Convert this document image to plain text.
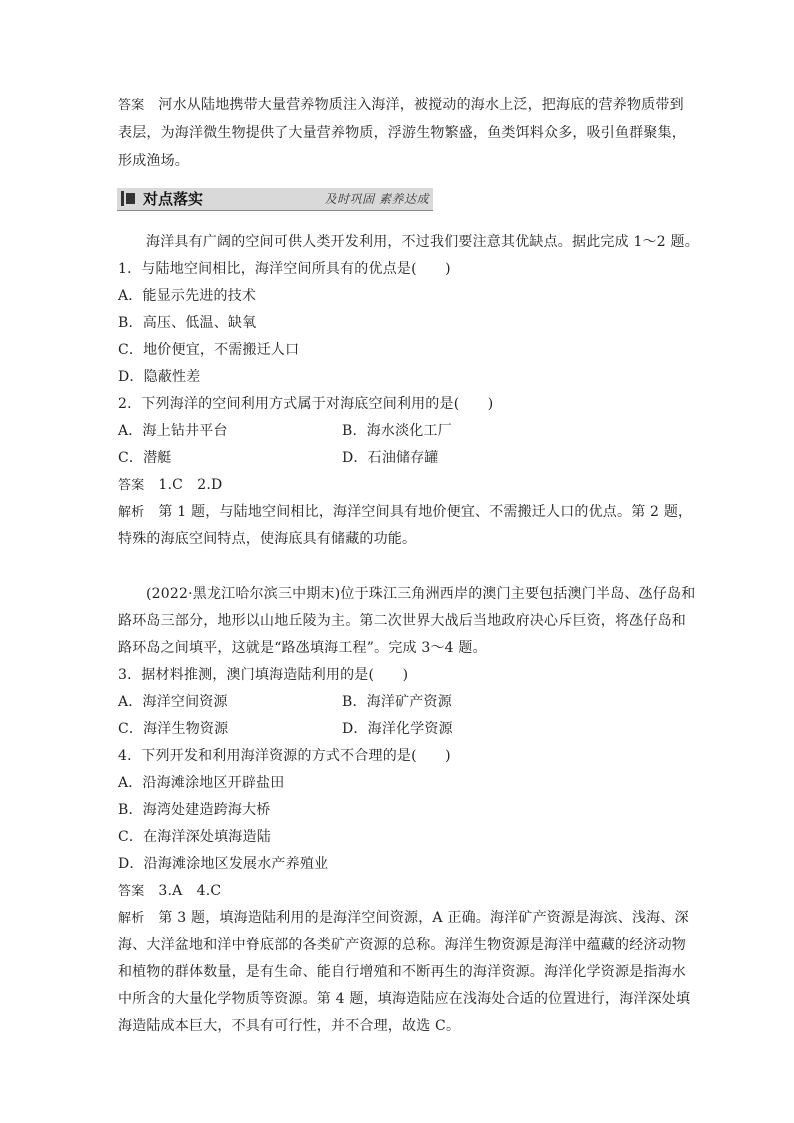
答案 河水从陆地携带大量营养物质注入海洋，被搅动的海水上泛，把海底的营养物质带到
表层，为海洋微生物提供了大量营养物质，浮游生物繁盛，鱼类饵料众多，吸引鱼群聚集，
形成渔场。
对点落实	及时巩固 素养达成
海洋具有广阔的空间可供人类开发利用，不过我们要注意其优缺点。据此完成 1～2 题。
1．与陆地空间相比，海洋空间所具有的优点是(　　)
A．能显示先进的技术
B．高压、低温、缺氧
C．地价便宜，不需搬迁人口
D．隐蔽性差
2．下列海洋的空间利用方式属于对海底空间利用的是(　　)
A．海上钻井平台	B．海水淡化工厂
C．潜艇	D．石油储存罐
答案 1.C　2.D
解析 第 1 题，与陆地空间相比，海洋空间具有地价便宜、不需搬迁人口的优点。第 2 题，
特殊的海底空间特点，使海底具有储藏的功能。
(2022·黑龙江哈尔滨三中期末)位于珠江三角洲西岸的澳门主要包括澳门半岛、氹仔岛和
路环岛三部分，地形以山地丘陵为主。第二次世界大战后当地政府决心斥巨资，将氹仔岛和
路环岛之间填平，这就是“路氹填海工程”。完成 3～4 题。
3．据材料推测，澳门填海造陆利用的是(　　)
A．海洋空间资源	B．海洋矿产资源
C．海洋生物资源	D．海洋化学资源
4．下列开发和利用海洋资源的方式不合理的是(　　)
A．沿海滩涂地区开辟盐田
B．海湾处建造跨海大桥
C．在海洋深处填海造陆
D．沿海滩涂地区发展水产养殖业
答案 3.A　4.C
解析 第 3 题，填海造陆利用的是海洋空间资源，A 正确。海洋矿产资源是海滨、浅海、深
海、大洋盆地和洋中脊底部的各类矿产资源的总称。海洋生物资源是海洋中蕴藏的经济动物
和植物的群体数量，是有生命、能自行增殖和不断再生的海洋资源。海洋化学资源是指海水
中所含的大量化学物质等资源。第 4 题，填海造陆应在浅海处合适的位置进行，海洋深处填
海造陆成本巨大，不具有可行性，并不合理，故选 C。
